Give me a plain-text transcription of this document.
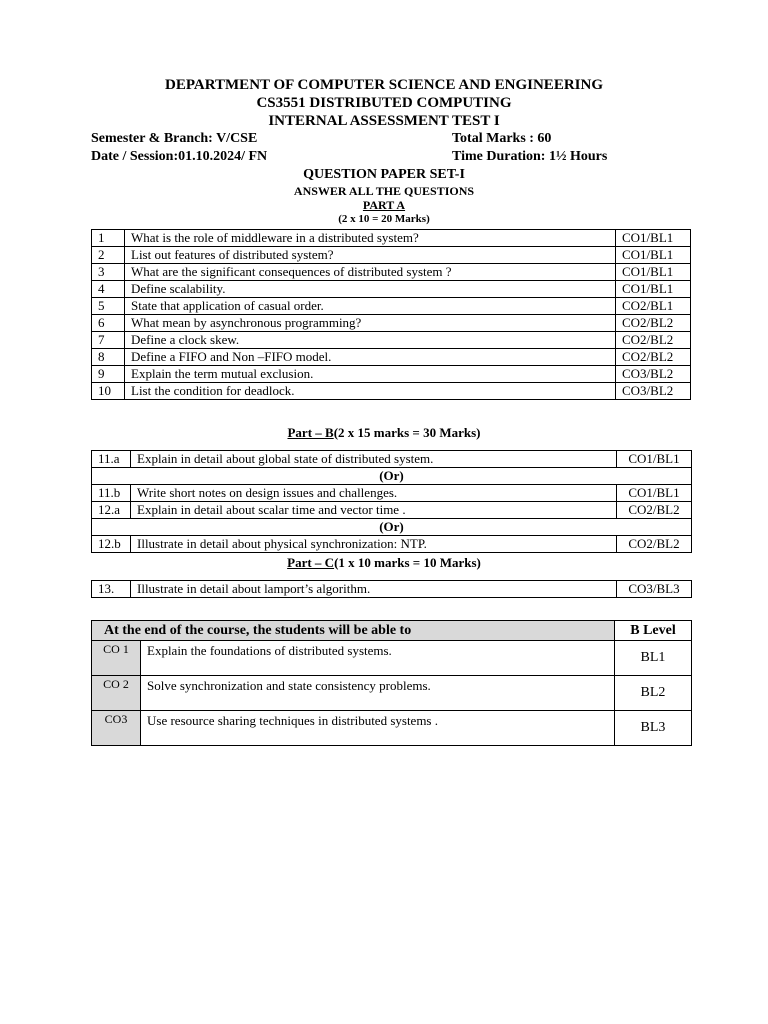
DEPARTMENT OF COMPUTER SCIENCE AND ENGINEERING
CS3551 DISTRIBUTED COMPUTING
INTERNAL ASSESSMENT TEST I
Semester & Branch: V/CSE	Total Marks : 60
Date / Session:01.10.2024/ FN	Time Duration: 1½ Hours
QUESTION PAPER SET-I
ANSWER ALL THE QUESTIONS
PART A
(2 x 10 = 20 Marks)
1	What is the role of middleware in a distributed system?	CO1/BL1
2	List out features of distributed system?	CO1/BL1
3	What are the significant consequences of distributed system ?	CO1/BL1
4	Define scalability.	CO1/BL1
5	State that application of casual order.	CO2/BL1
6	What mean by asynchronous programming?	CO2/BL2
7	Define a clock skew.	CO2/BL2
8	Define a FIFO and Non –FIFO model.	CO2/BL2
9	Explain the term mutual exclusion.	CO3/BL2
10	List the condition for deadlock.	CO3/BL2
Part – B(2 x 15 marks = 30 Marks)
11.a	Explain in detail about global state of distributed system.	CO1/BL1
(Or)		
11.b	Write short notes on design issues and challenges.	CO1/BL1
12.a	Explain in detail about scalar time and vector time .	CO2/BL2
(Or)		
12.b	Illustrate in detail about physical synchronization: NTP.	CO2/BL2
Part – C(1 x 10 marks = 10 Marks)
13.	Illustrate in detail about lamport’s algorithm.	CO3/BL3
At the end of the course, the students will be able to		B Level
CO 1	Explain the foundations of distributed systems.	BL1
CO 2	Solve synchronization and state consistency problems.	BL2
CO3	Use resource sharing techniques in distributed systems .	BL3
